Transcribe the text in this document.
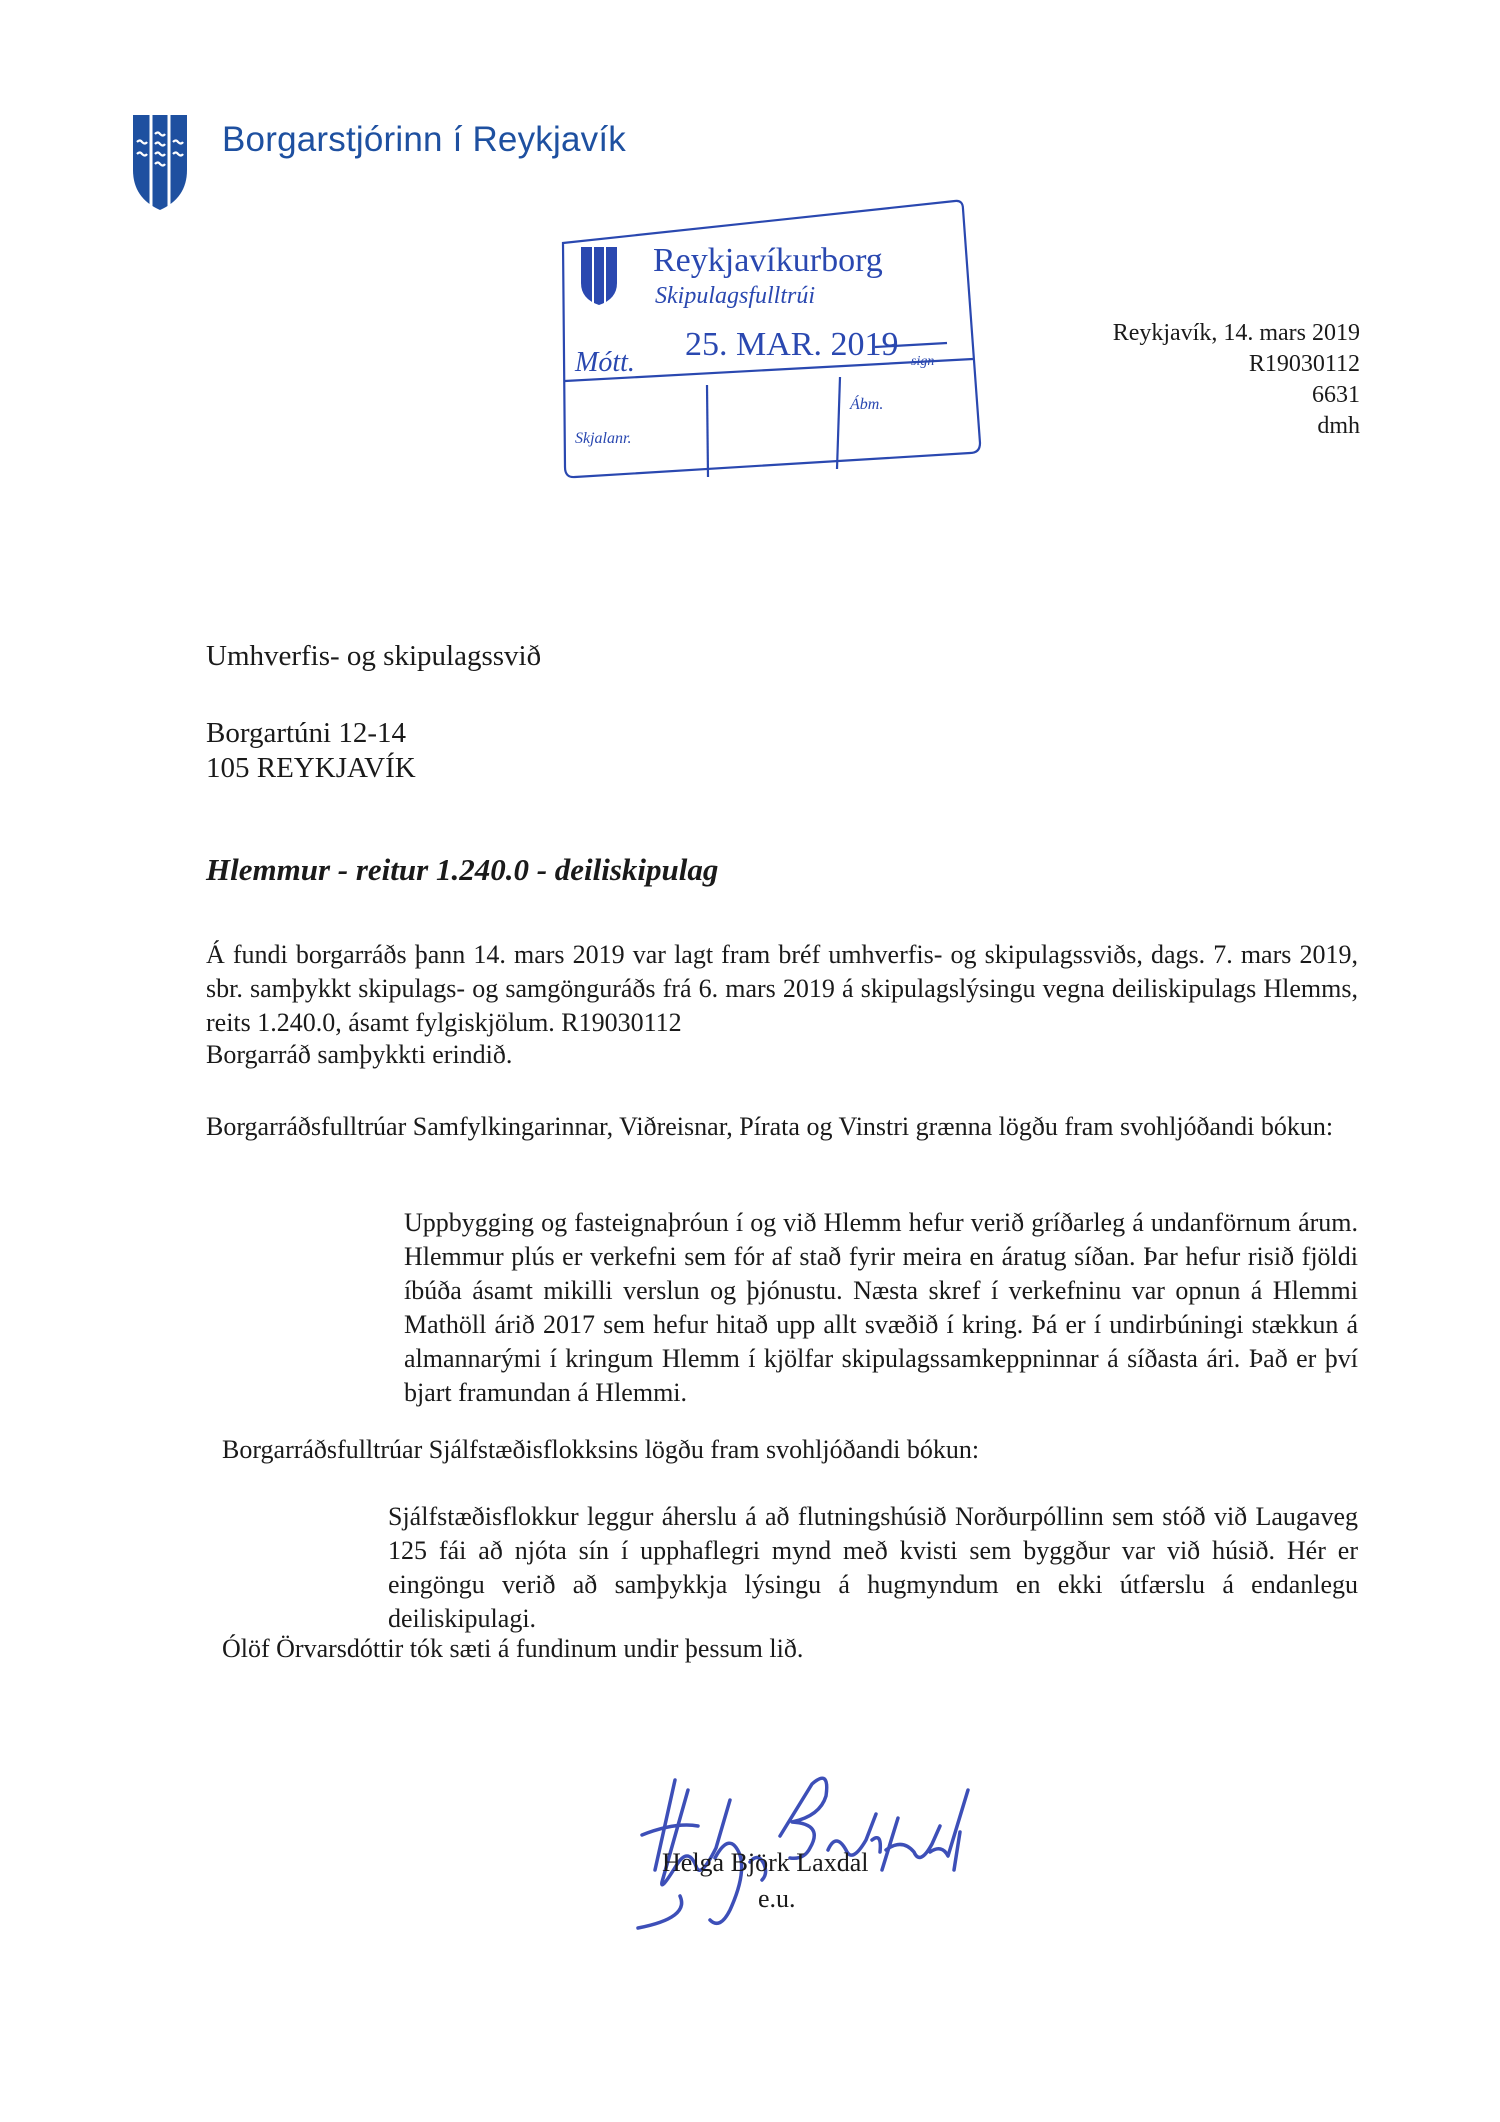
Borgarstjórinn í Reykjavík
Reykjavíkurborg
Skipulagsfulltrúi
Mótt. 25. MAR. 2019 sign
Skjalanr.
Ábm.
Reykjavík, 14. mars 2019
R19030112
6631
dmh
Umhverfis- og skipulagssvið
Borgartúni 12-14
105 REYKJAVÍK
Hlemmur - reitur 1.240.0 - deiliskipulag
Á fundi borgarráðs þann 14. mars 2019 var lagt fram bréf umhverfis- og skipulagssviðs, dags. 7. mars 2019, sbr. samþykkt skipulags- og samgönguráðs frá 6. mars 2019 á skipulagslýsingu vegna deiliskipulags Hlemms, reits 1.240.0, ásamt fylgiskjölum. R19030112
Borgarráð samþykkti erindið.
Borgarráðsfulltrúar Samfylkingarinnar, Viðreisnar, Pírata og Vinstri grænna lögðu fram svohljóðandi bókun:
Uppbygging og fasteignaþróun í og við Hlemm hefur verið gríðarleg á undanförnum árum. Hlemmur plús er verkefni sem fór af stað fyrir meira en áratug síðan. Þar hefur risið fjöldi íbúða ásamt mikilli verslun og þjónustu. Næsta skref í verkefninu var opnun á Hlemmi Mathöll árið 2017 sem hefur hitað upp allt svæðið í kring. Þá er í undirbúningi stækkun á almannarými í kringum Hlemm í kjölfar skipulagssamkeppninnar á síðasta ári. Það er því bjart framundan á Hlemmi.
Borgarráðsfulltrúar Sjálfstæðisflokksins lögðu fram svohljóðandi bókun:
Sjálfstæðisflokkur leggur áherslu á að flutningshúsið Norðurpóllinn sem stóð við Laugaveg 125 fái að njóta sín í upphaflegri mynd með kvisti sem byggður var við húsið. Hér er eingöngu verið að samþykkja lýsingu á hugmyndum en ekki útfærslu á endanlegu deiliskipulagi.
Ólöf Örvarsdóttir tók sæti á fundinum undir þessum lið.
Helga Björk Laxdal
e.u.
